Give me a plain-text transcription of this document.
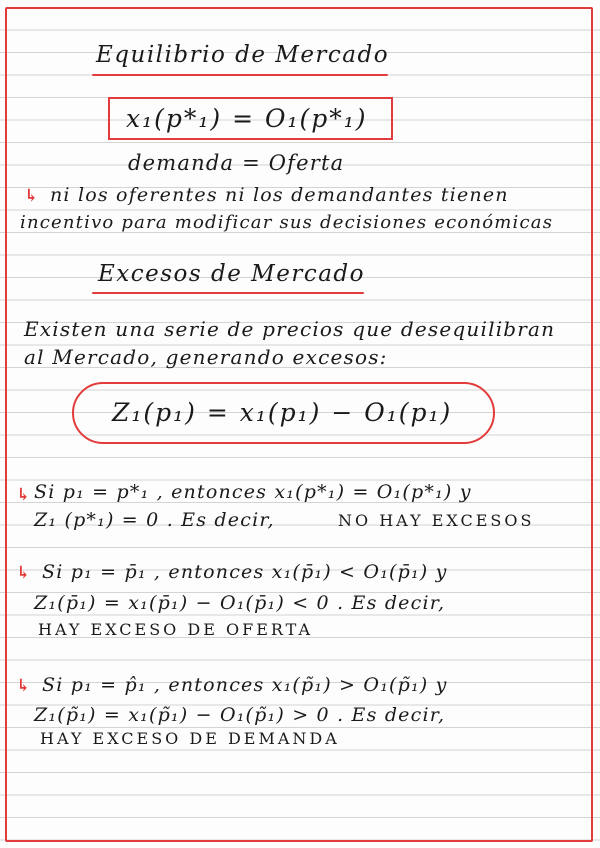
Equilibrio de Mercado
x₁(p*₁) = O₁(p*₁)
demanda = Oferta
↳ ni los oferentes ni los demandantes tienen
incentivo para modificar sus decisiones económicas
Excesos de Mercado
Existen una serie de precios que desequilibran
al Mercado, generando excesos:
Z₁(p₁) = x₁(p₁) − O₁(p₁)
↳ Si p₁ = p*₁ , entonces x₁(p*₁) = O₁(p*₁) y
Z₁ (p*₁) = 0 . Es decir,	NO HAY EXCESOS
↳ Si p₁ = p̄₁ , entonces x₁(p̄₁) < O₁(p̄₁) y
Z₁(p̄₁) = x₁(p̄₁) − O₁(p̄₁) < 0 . Es decir,
HAY EXCESO DE OFERTA
↳ Si p₁ = p̂₁ , entonces x₁(p̃₁) > O₁(p̃₁) y
Z₁(p̃₁) = x₁(p̃₁) − O₁(p̃₁) > 0 . Es decir,
HAY EXCESO DE DEMANDA
